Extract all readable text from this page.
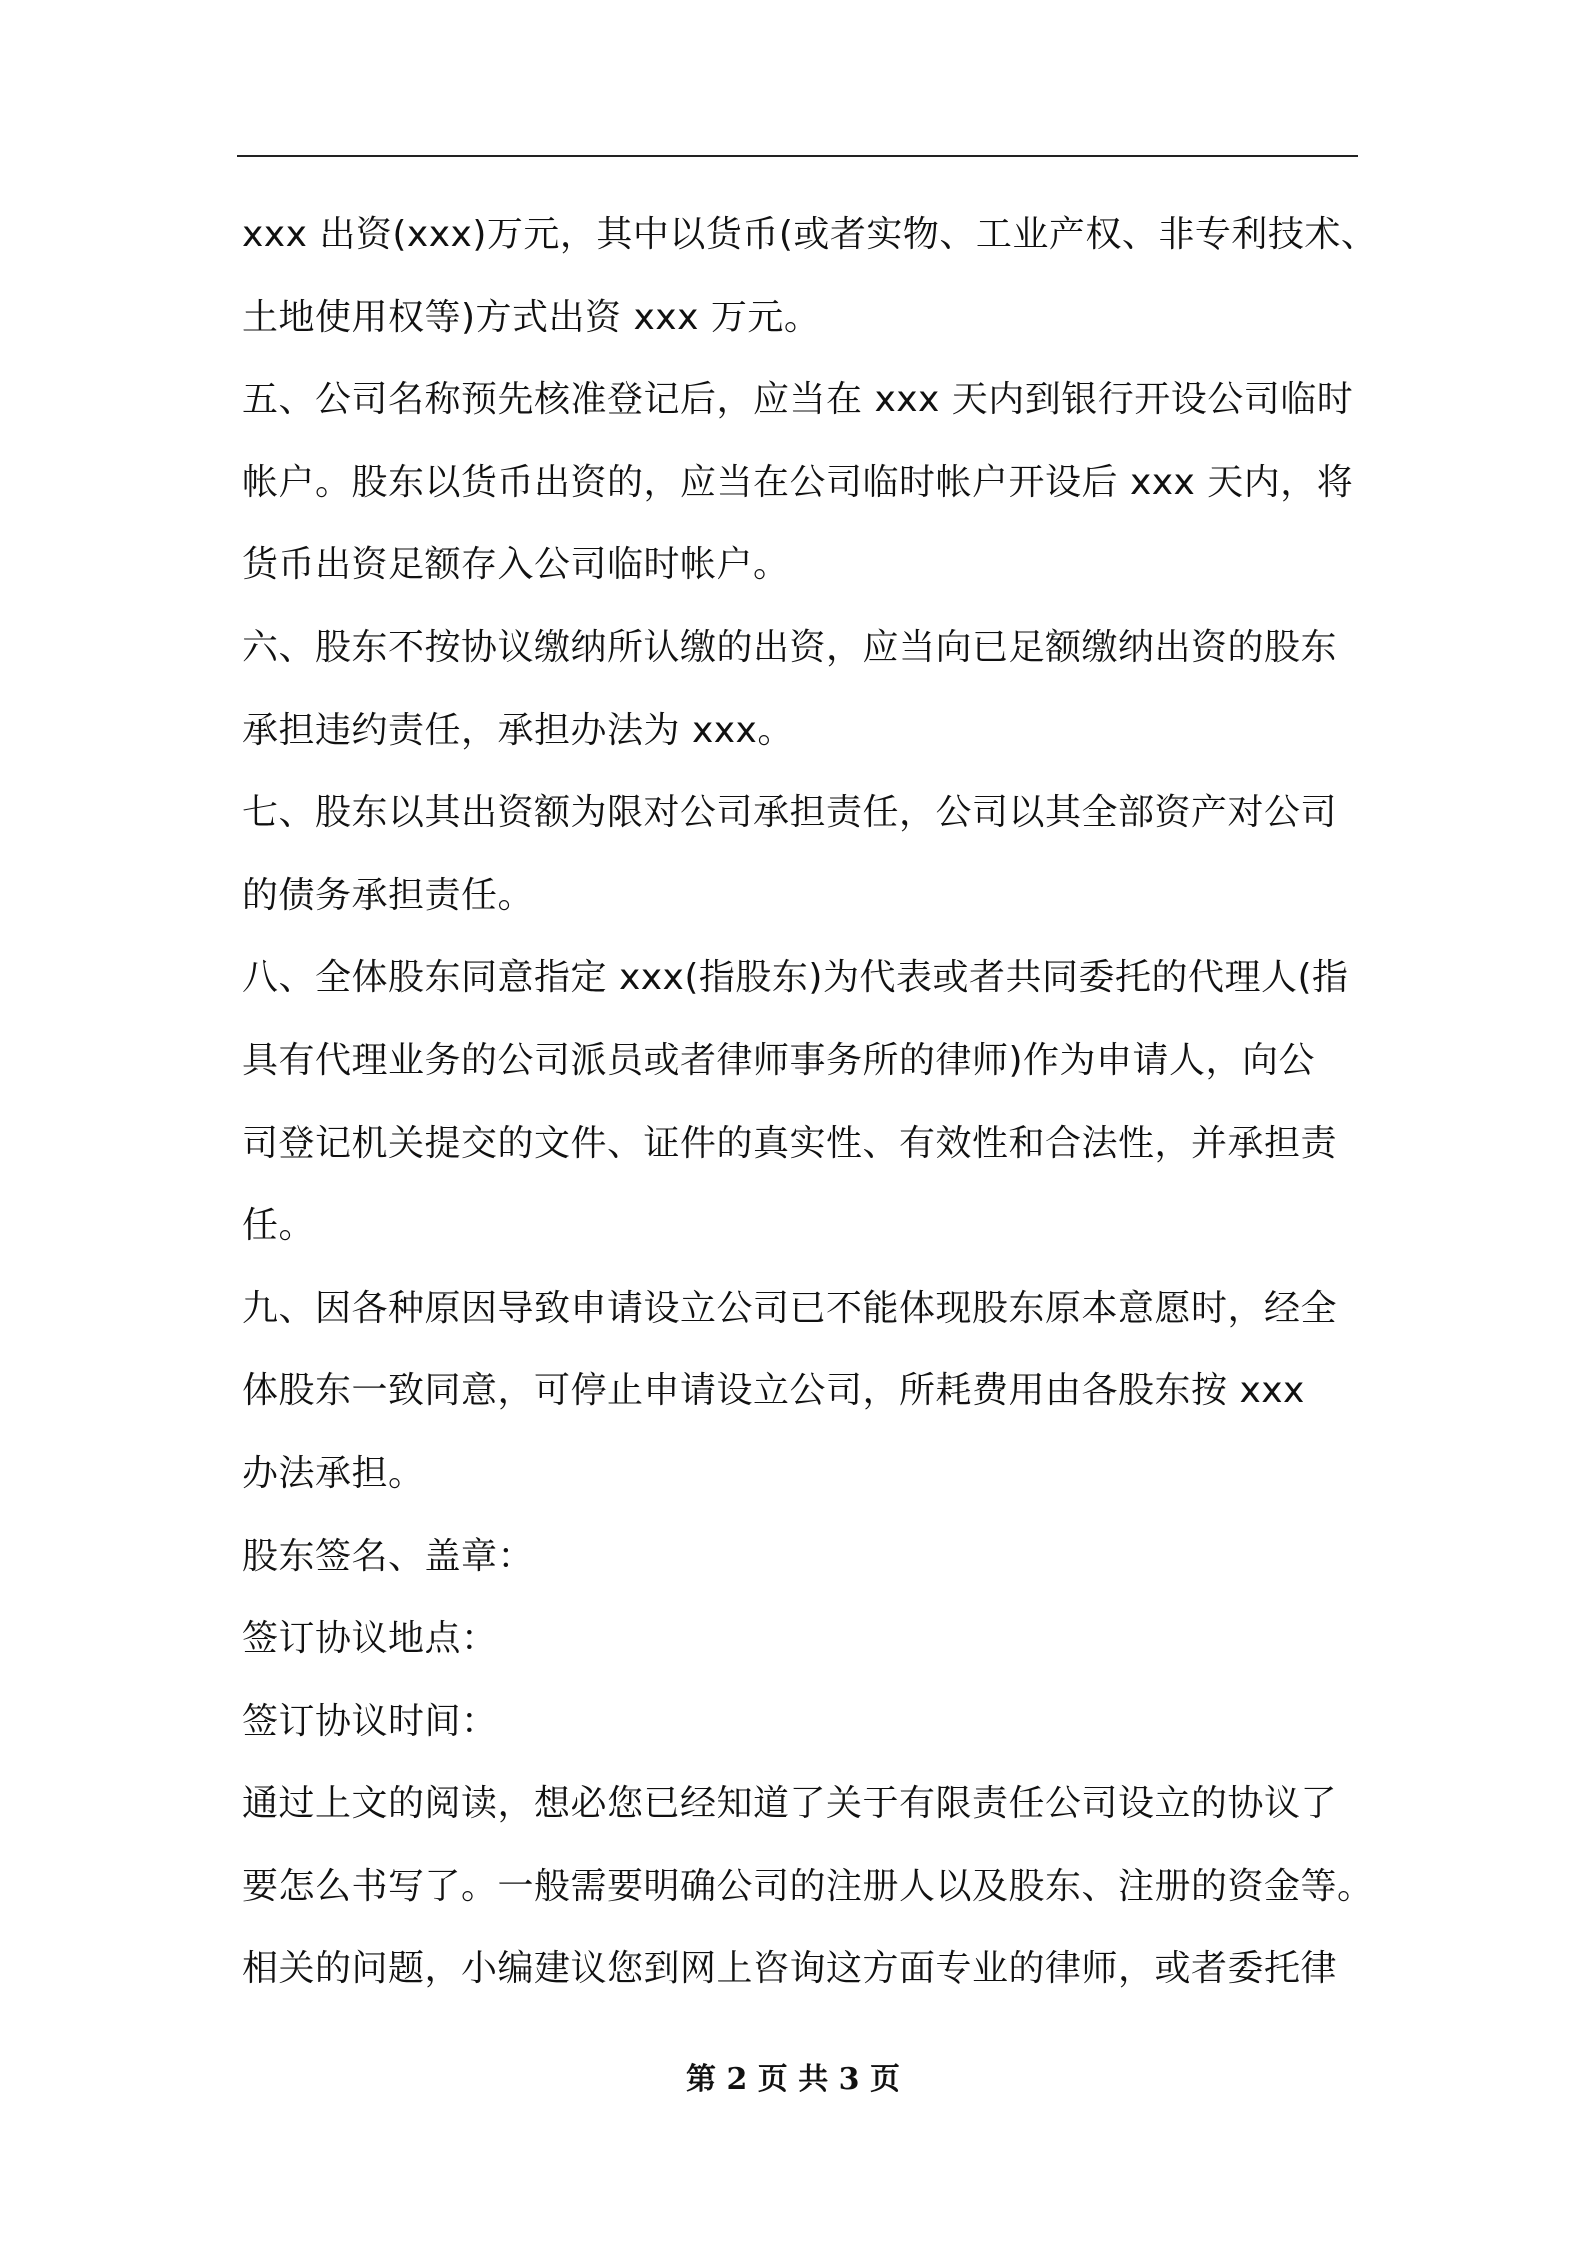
xxx 出资(xxx)万元，其中以货币(或者实物、工业产权、非专利技术、
土地使用权等)方式出资 xxx 万元。
五、公司名称预先核准登记后，应当在 xxx 天内到银行开设公司临时
帐户。股东以货币出资的，应当在公司临时帐户开设后 xxx 天内，将
货币出资足额存入公司临时帐户。
六、股东不按协议缴纳所认缴的出资，应当向已足额缴纳出资的股东
承担违约责任，承担办法为 xxx。
七、股东以其出资额为限对公司承担责任，公司以其全部资产对公司
的债务承担责任。
八、全体股东同意指定 xxx(指股东)为代表或者共同委托的代理人(指
具有代理业务的公司派员或者律师事务所的律师)作为申请人，向公
司登记机关提交的文件、证件的真实性、有效性和合法性，并承担责
任。
九、因各种原因导致申请设立公司已不能体现股东原本意愿时，经全
体股东一致同意，可停止申请设立公司，所耗费用由各股东按 xxx
办法承担。
股东签名、盖章：
签订协议地点：
签订协议时间：
通过上文的阅读，想必您已经知道了关于有限责任公司设立的协议了
要怎么书写了。一般需要明确公司的注册人以及股东、注册的资金等。
相关的问题，小编建议您到网上咨询这方面专业的律师，或者委托律
第 2 页 共 3 页
